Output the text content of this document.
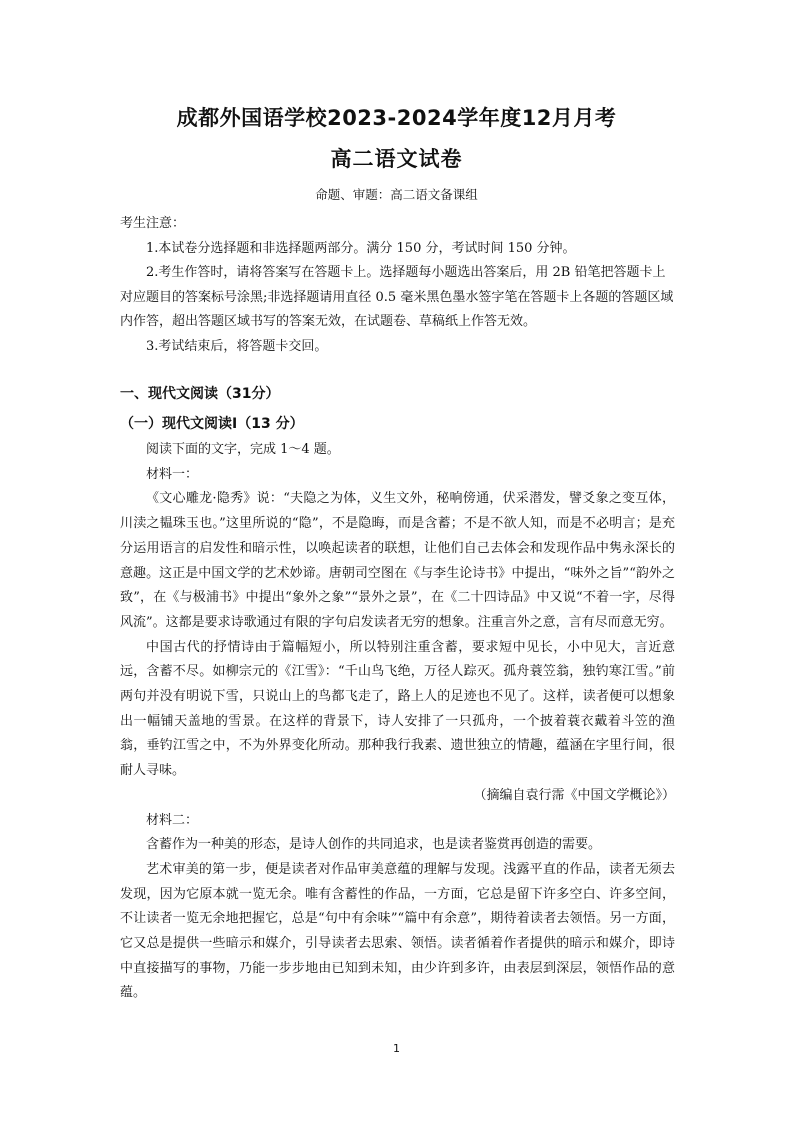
成都外国语学校2023-2024学年度12月月考
高二语文试卷
命题、审题：高二语文备课组

考生注意：

1.本试卷分选择题和非选择题两部分。满分 150 分，考试时间 150 分钟。

2.考生作答时，请将答案写在答题卡上。选择题每小题选出答案后，用 2B 铅笔把答题卡上对应题目的答案标号涂黑;非选择题请用直径 0.5 毫米黑色墨水签字笔在答题卡上各题的答题区域内作答，超出答题区域书写的答案无效，在试题卷、草稿纸上作答无效。

3.考试结束后，将答题卡交回。

一、现代文阅读（31分）
（一）现代文阅读Ⅰ（13 分）

阅读下面的文字，完成 1～4 题。

材料一：

《文心雕龙·隐秀》说：“夫隐之为体，义生文外，秘响傍通，伏采潜发，譬爻象之变互体，川渎之韫珠玉也。”这里所说的“隐”，不是隐晦，而是含蓄；不是不欲人知，而是不必明言；是充分运用语言的启发性和暗示性，以唤起读者的联想，让他们自己去体会和发现作品中隽永深长的意趣。这正是中国文学的艺术妙谛。唐朝司空图在《与李生论诗书》中提出，“味外之旨”“韵外之致”，在《与极浦书》中提出“象外之象”“景外之景”，在《二十四诗品》中又说“不着一字，尽得风流”。这都是要求诗歌通过有限的字句启发读者无穷的想象。注重言外之意，言有尽而意无穷。

中国古代的抒情诗由于篇幅短小，所以特别注重含蓄，要求短中见长，小中见大，言近意远，含蓄不尽。如柳宗元的《江雪》：“千山鸟飞绝，万径人踪灭。孤舟蓑笠翁，独钓寒江雪。”前两句并没有明说下雪，只说山上的鸟都飞走了，路上人的足迹也不见了。这样，读者便可以想象出一幅铺天盖地的雪景。在这样的背景下，诗人安排了一只孤舟，一个披着蓑衣戴着斗笠的渔翁，垂钓江雪之中，不为外界变化所动。那种我行我素、遗世独立的情趣，蕴涵在字里行间，很耐人寻味。

（摘编自袁行霈《中国文学概论》）

材料二：

含蓄作为一种美的形态，是诗人创作的共同追求，也是读者鉴赏再创造的需要。

艺术审美的第一步，便是读者对作品审美意蕴的理解与发现。浅露平直的作品，读者无须去发现，因为它原本就一览无余。唯有含蓄性的作品，一方面，它总是留下许多空白、许多空间，不让读者一览无余地把握它，总是“句中有余味”“篇中有余意”，期待着读者去领悟。另一方面，它又总是提供一些暗示和媒介，引导读者去思索、领悟。读者循着作者提供的暗示和媒介，即诗中直接描写的事物，乃能一步步地由已知到未知，由少许到多许，由表层到深层，领悟作品的意蕴。

1
